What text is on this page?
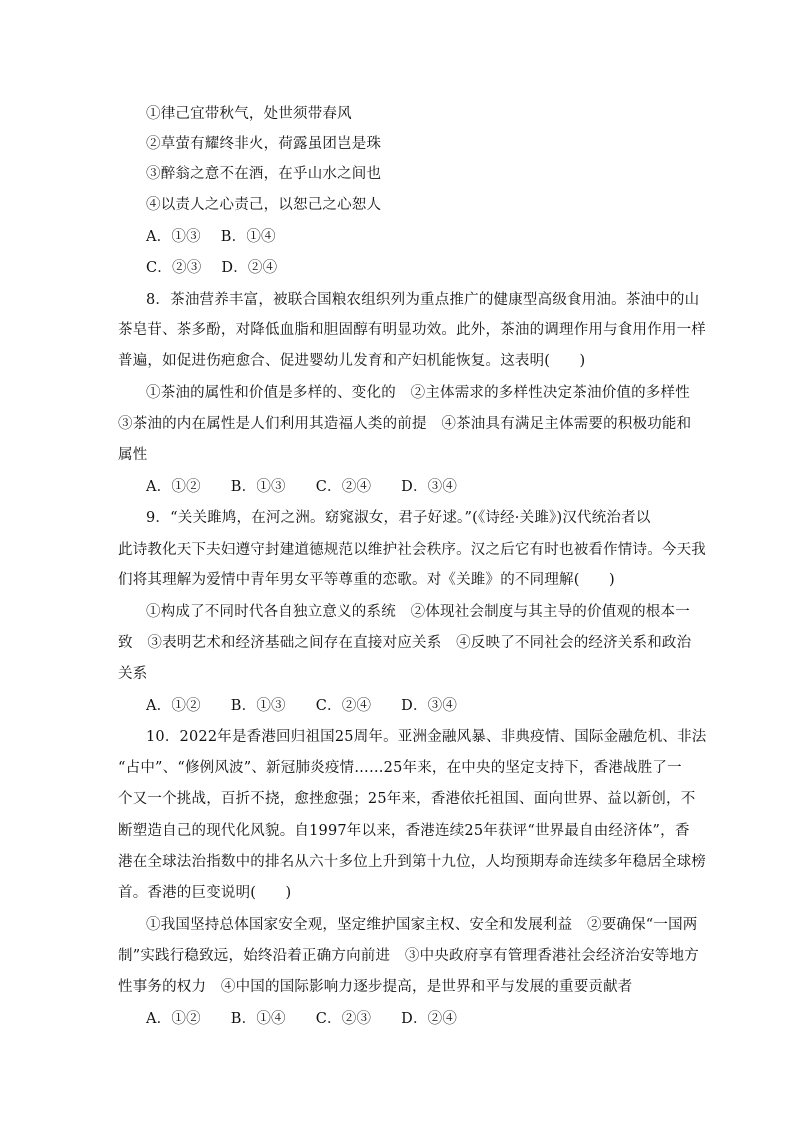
①律己宜带秋气，处世须带春风
②草萤有耀终非火，荷露虽团岂是珠
③醉翁之意不在酒，在乎山水之间也
④以责人之心责己，以恕己之心恕人
A．①③ B．①④
C．②③ D．②④
8．茶油营养丰富，被联合国粮农组织列为重点推广的健康型高级食用油。茶油中的山
茶皂苷、茶多酚，对降低血脂和胆固醇有明显功效。此外，茶油的调理作用与食用作用一样
普遍，如促进伤疤愈合、促进婴幼儿发育和产妇机能恢复。这表明(　　)
①茶油的属性和价值是多样的、变化的　②主体需求的多样性决定茶油价值的多样性
③茶油的内在属性是人们利用其造福人类的前提　④茶油具有满足主体需要的积极功能和
属性
A．①② B．①③ C．②④ D．③④
9．“关关雎鸠，在河之洲。窈窕淑女，君子好逑。”(《诗经·关雎》)汉代统治者以
此诗教化天下夫妇遵守封建道德规范以维护社会秩序。汉之后它有时也被看作情诗。今天我
们将其理解为爱情中青年男女平等尊重的恋歌。对《关雎》的不同理解(　　)
①构成了不同时代各自独立意义的系统　②体现社会制度与其主导的价值观的根本一
致　③表明艺术和经济基础之间存在直接对应关系　④反映了不同社会的经济关系和政治
关系
A．①② B．①③ C．②④ D．③④
10．2022年是香港回归祖国25周年。亚洲金融风暴、非典疫情、国际金融危机、非法
“占中”、“修例风波”、新冠肺炎疫情……25年来，在中央的坚定支持下，香港战胜了一
个又一个挑战，百折不挠，愈挫愈强；25年来，香港依托祖国、面向世界、益以新创，不
断塑造自己的现代化风貌。自1997年以来，香港连续25年获评“世界最自由经济体”，香
港在全球法治指数中的排名从六十多位上升到第十九位，人均预期寿命连续多年稳居全球榜
首。香港的巨变说明(　　)
①我国坚持总体国家安全观，坚定维护国家主权、安全和发展利益　②要确保“一国两
制”实践行稳致远，始终沿着正确方向前进　③中央政府享有管理香港社会经济治安等地方
性事务的权力　④中国的国际影响力逐步提高，是世界和平与发展的重要贡献者
A．①② B．①④ C．②③ D．②④
